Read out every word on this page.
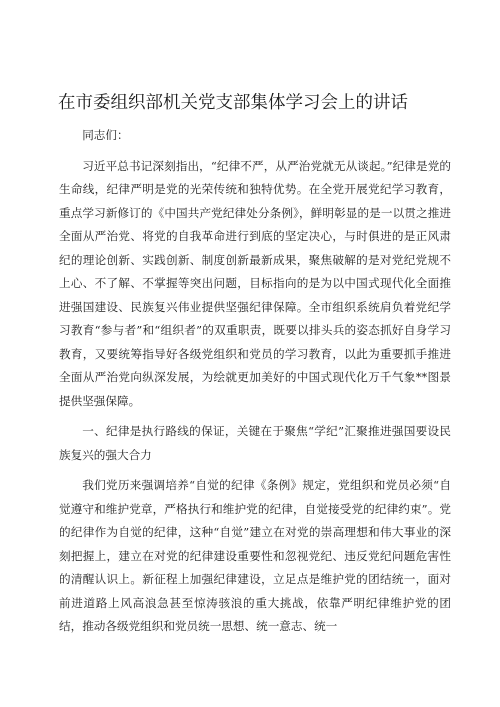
在市委组织部机关党支部集体学习会上的讲话

同志们：

习近平总书记深刻指出，“纪律不严，从严治党就无从谈起。”纪律是党的生命线，纪律严明是党的光荣传统和独特优势。在全党开展党纪学习教育，重点学习新修订的《中国共产党纪律处分条例》，鲜明彰显的是一以贯之推进全面从严治党、将党的自我革命进行到底的坚定决心，与时俱进的是正风肃纪的理论创新、实践创新、制度创新最新成果，聚焦破解的是对党纪党规不上心、不了解、不掌握等突出问题，目标指向的是为以中国式现代化全面推进强国建设、民族复兴伟业提供坚强纪律保障。全市组织系统肩负着党纪学习教育“参与者”和“组织者”的双重职责，既要以排头兵的姿态抓好自身学习教育，又要统筹指导好各级党组织和党员的学习教育，以此为重要抓手推进全面从严治党向纵深发展，为绘就更加美好的中国式现代化万千气象**图景提供坚强保障。

一、纪律是执行路线的保证，关键在于聚焦“学纪”汇聚推进强国要设民族复兴的强大合力

我们党历来强调培养“自觉的纪律《条例》规定，党组织和党员必须“自觉遵守和维护党章，严格执行和维护党的纪律，自觉接受党的纪律约束”。党的纪律作为自觉的纪律，这种“自觉”建立在对党的崇高理想和伟大事业的深刻把握上，建立在对党的纪律建设重要性和忽视党纪、违反党纪问题危害性的清醒认识上。新征程上加强纪律建设，立足点是维护党的团结统一，面对前进道路上风高浪急甚至惊涛骇浪的重大挑战，依靠严明纪律维护党的团结，推动各级党组织和党员统一思想、统一意志、统一
